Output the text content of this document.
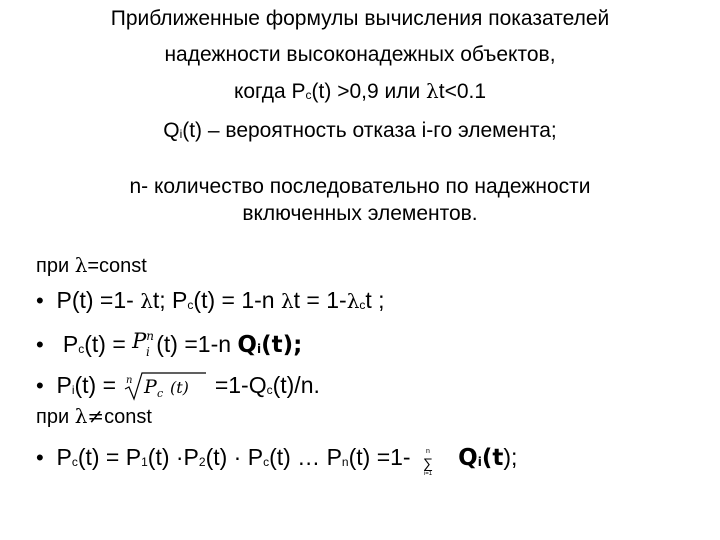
Приближенные формулы вычисления показателей
надежности высоконадежных объектов,
когда Pc(t) >0,9 или λt<0.1
Qi(t) – вероятность отказа i-го элемента;
n- количество последовательно по надежности
включенных элементов.
при λ=const
• P(t) =1- λt; Pc(t) = 1-n λt = 1-λct ;
• $Pc(t) = P^n_i$ (t) =1-n Qi(t);
• Pi(t) = n P c (t) =1-Qc(t)/n.
при λ≠const
• Pc(t) = P1(t) ·P2(t) · Pc(t) … Pn(t) =1-	n
∑
i=1
Qi(t);
